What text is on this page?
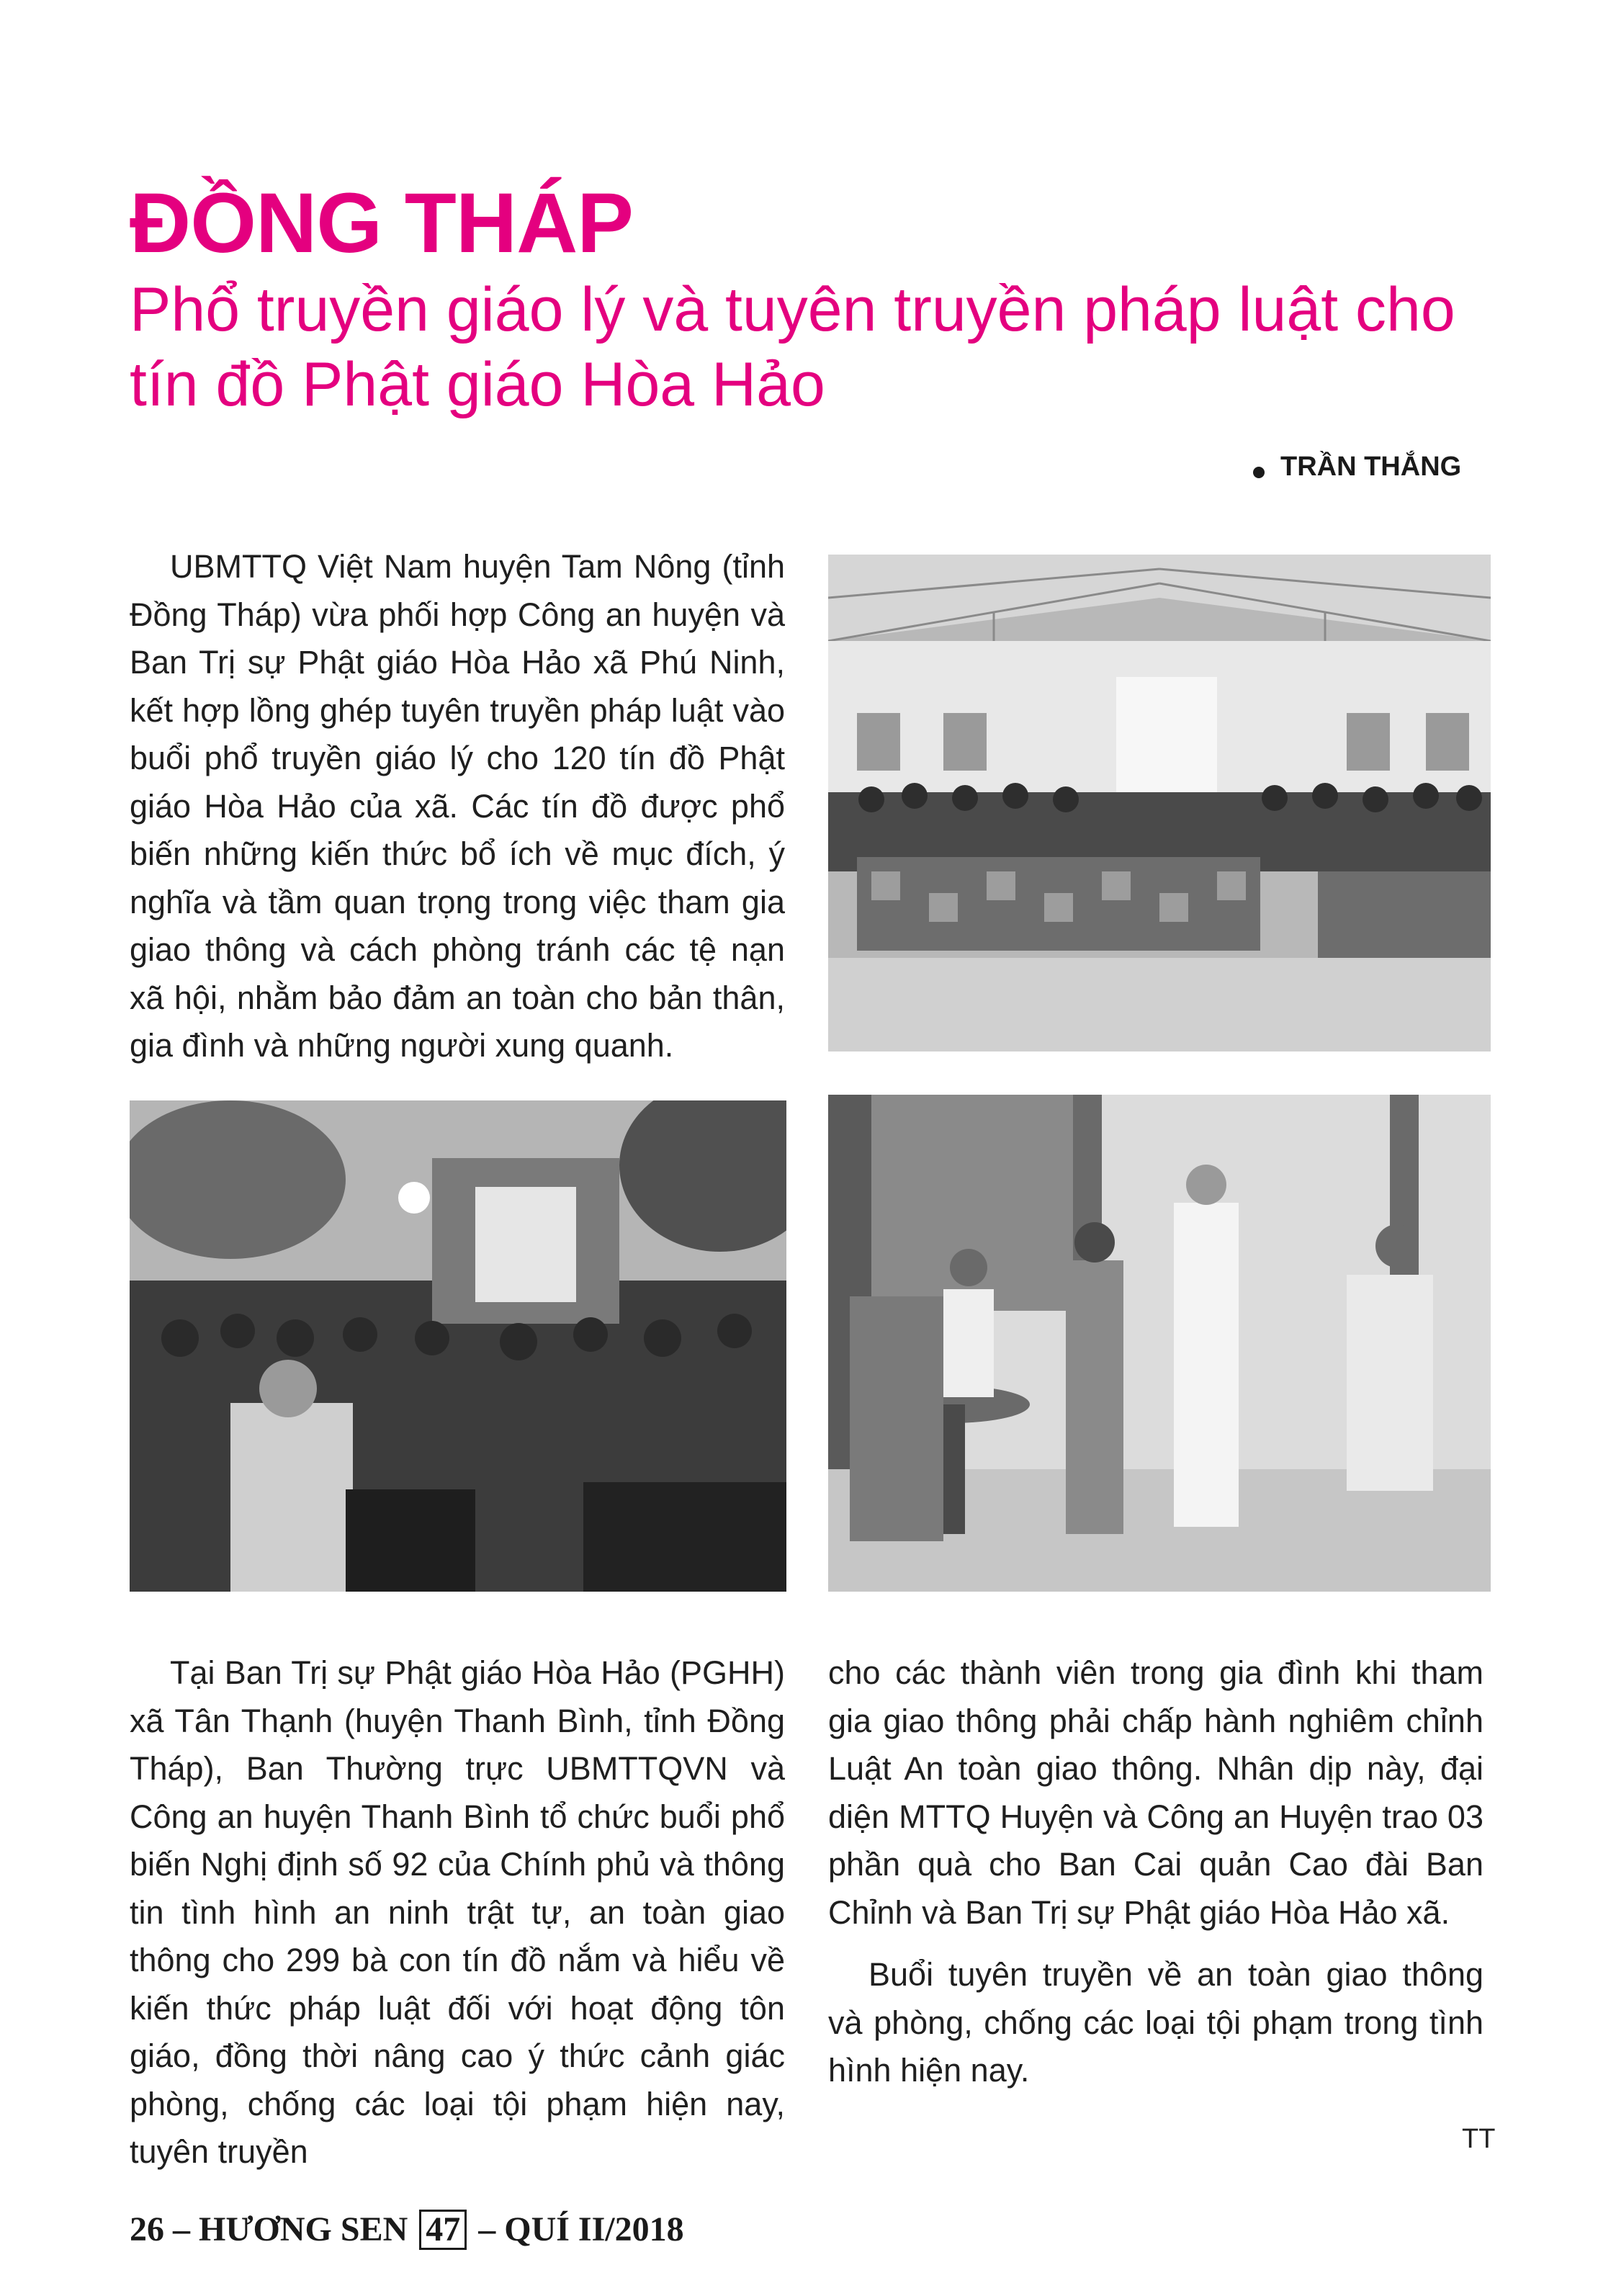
ĐỒNG THÁP
Phổ truyền giáo lý và tuyên truyền pháp luật cho tín đồ Phật giáo Hòa Hảo
TRẦN THẮNG

UBMTTQ Việt Nam huyện Tam Nông (tỉnh Đồng Tháp) vừa phối hợp Công an huyện và Ban Trị sự Phật giáo Hòa Hảo xã Phú Ninh, kết hợp lồng ghép tuyên truyền pháp luật vào buổi phổ truyền giáo lý cho 120 tín đồ Phật giáo Hòa Hảo của xã. Các tín đồ được phổ biến những kiến thức bổ ích về mục đích, ý nghĩa và tầm quan trọng trong việc tham gia giao thông và cách phòng tránh các tệ nạn xã hội, nhằm bảo đảm an toàn cho bản thân, gia đình và những người xung quanh.

Tại Ban Trị sự Phật giáo Hòa Hảo (PGHH) xã Tân Thạnh (huyện Thanh Bình, tỉnh Đồng Tháp), Ban Thường trực UBMTTQVN và Công an huyện Thanh Bình tổ chức buổi phổ biến Nghị định số 92 của Chính phủ và thông tin tình hình an ninh trật tự, an toàn giao thông cho 299 bà con tín đồ nắm và hiểu về kiến thức pháp luật đối với hoạt động tôn giáo, đồng thời nâng cao ý thức cảnh giác phòng, chống các loại tội phạm hiện nay, tuyên truyền

cho các thành viên trong gia đình khi tham gia giao thông phải chấp hành nghiêm chỉnh Luật An toàn giao thông. Nhân dịp này, đại diện MTTQ Huyện và Công an Huyện trao 03 phần quà cho Ban Cai quản Cao đài Ban Chỉnh và Ban Trị sự Phật giáo Hòa Hảo xã.

Buổi tuyên truyền về an toàn giao thông và phòng, chống các loại tội phạm trong tình hình hiện nay.

TT
26 – HƯƠNG SEN 47 – QUÍ II/2018
